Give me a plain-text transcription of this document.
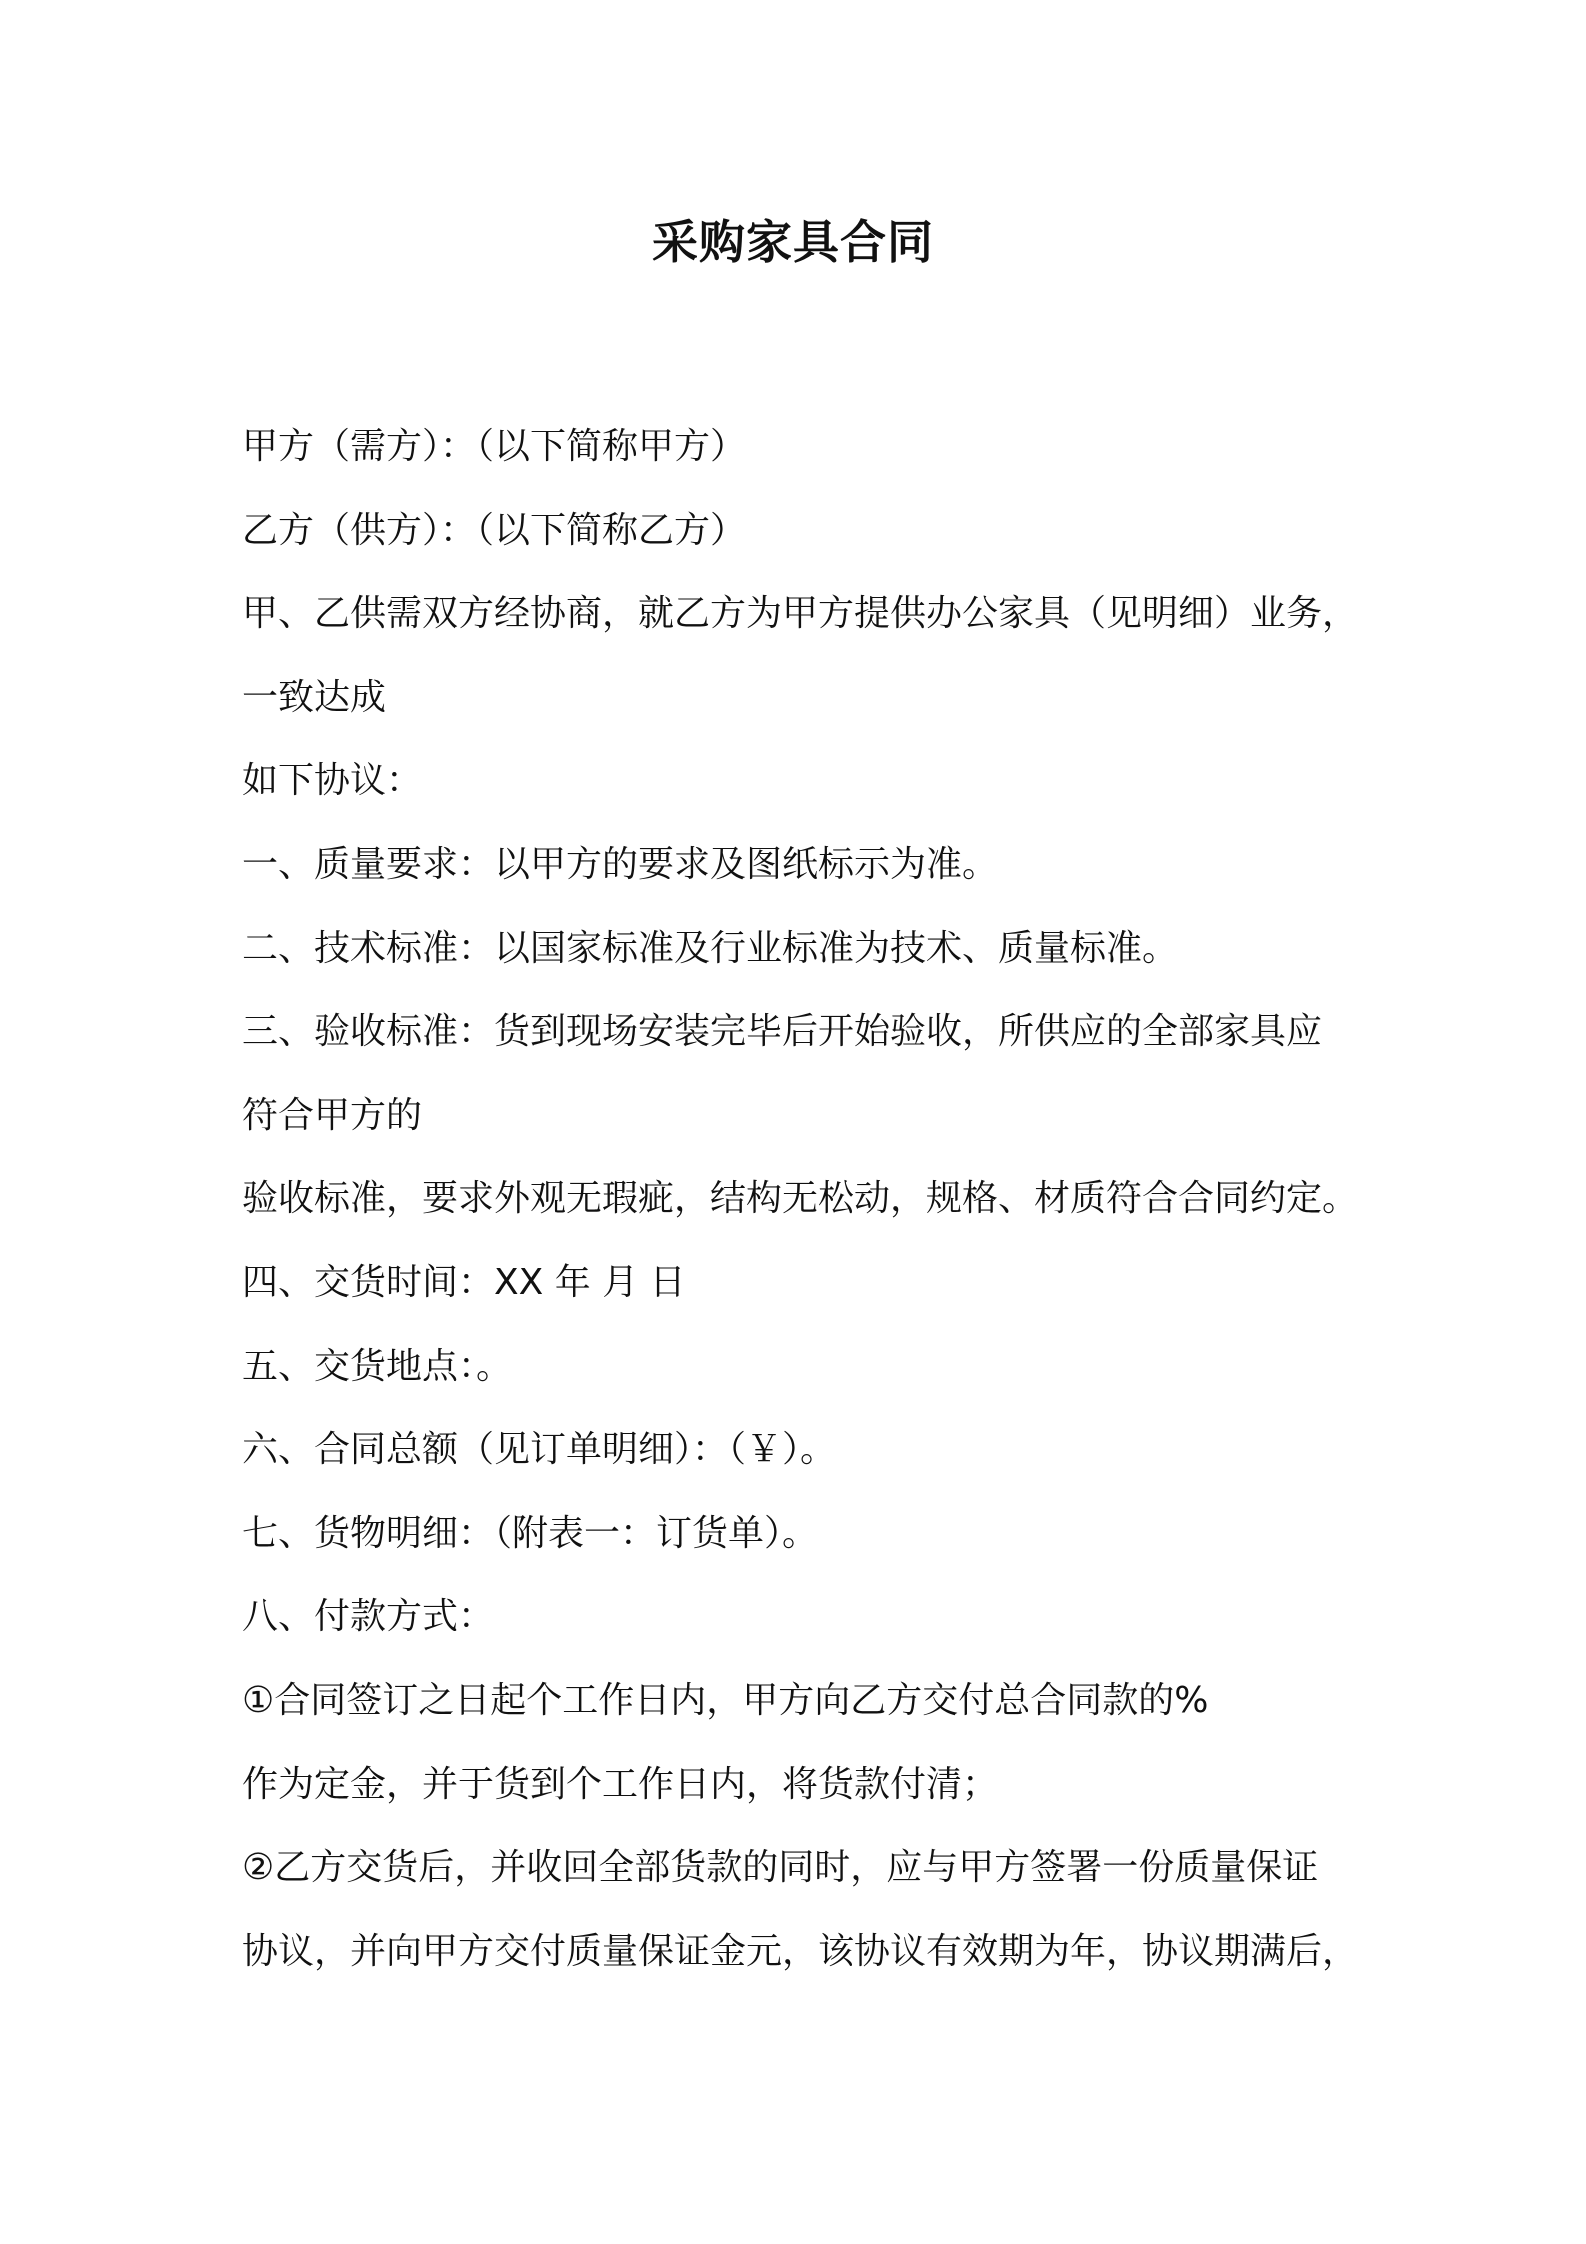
采购家具合同

甲方（需方）：（以下简称甲方）

乙方（供方）：（以下简称乙方）

甲、乙供需双方经协商，就乙方为甲方提供办公家具（见明细）业务，

一致达成

如下协议：

一、质量要求：以甲方的要求及图纸标示为准。

二、技术标准：以国家标准及行业标准为技术、质量标准。

三、验收标准：货到现场安装完毕后开始验收，所供应的全部家具应

符合甲方的

验收标准，要求外观无瑕疵，结构无松动，规格、材质符合合同约定。

四、交货时间：XX 年 月 日

五、交货地点：。

六、合同总额（见订单明细）：（￥）。

七、货物明细：（附表一：订货单）。

八、付款方式：

①合同签订之日起个工作日内，甲方向乙方交付总合同款的%

作为定金，并于货到个工作日内，将货款付清；

②乙方交货后，并收回全部货款的同时，应与甲方签署一份质量保证

协议，并向甲方交付质量保证金元，该协议有效期为年，协议期满后，
